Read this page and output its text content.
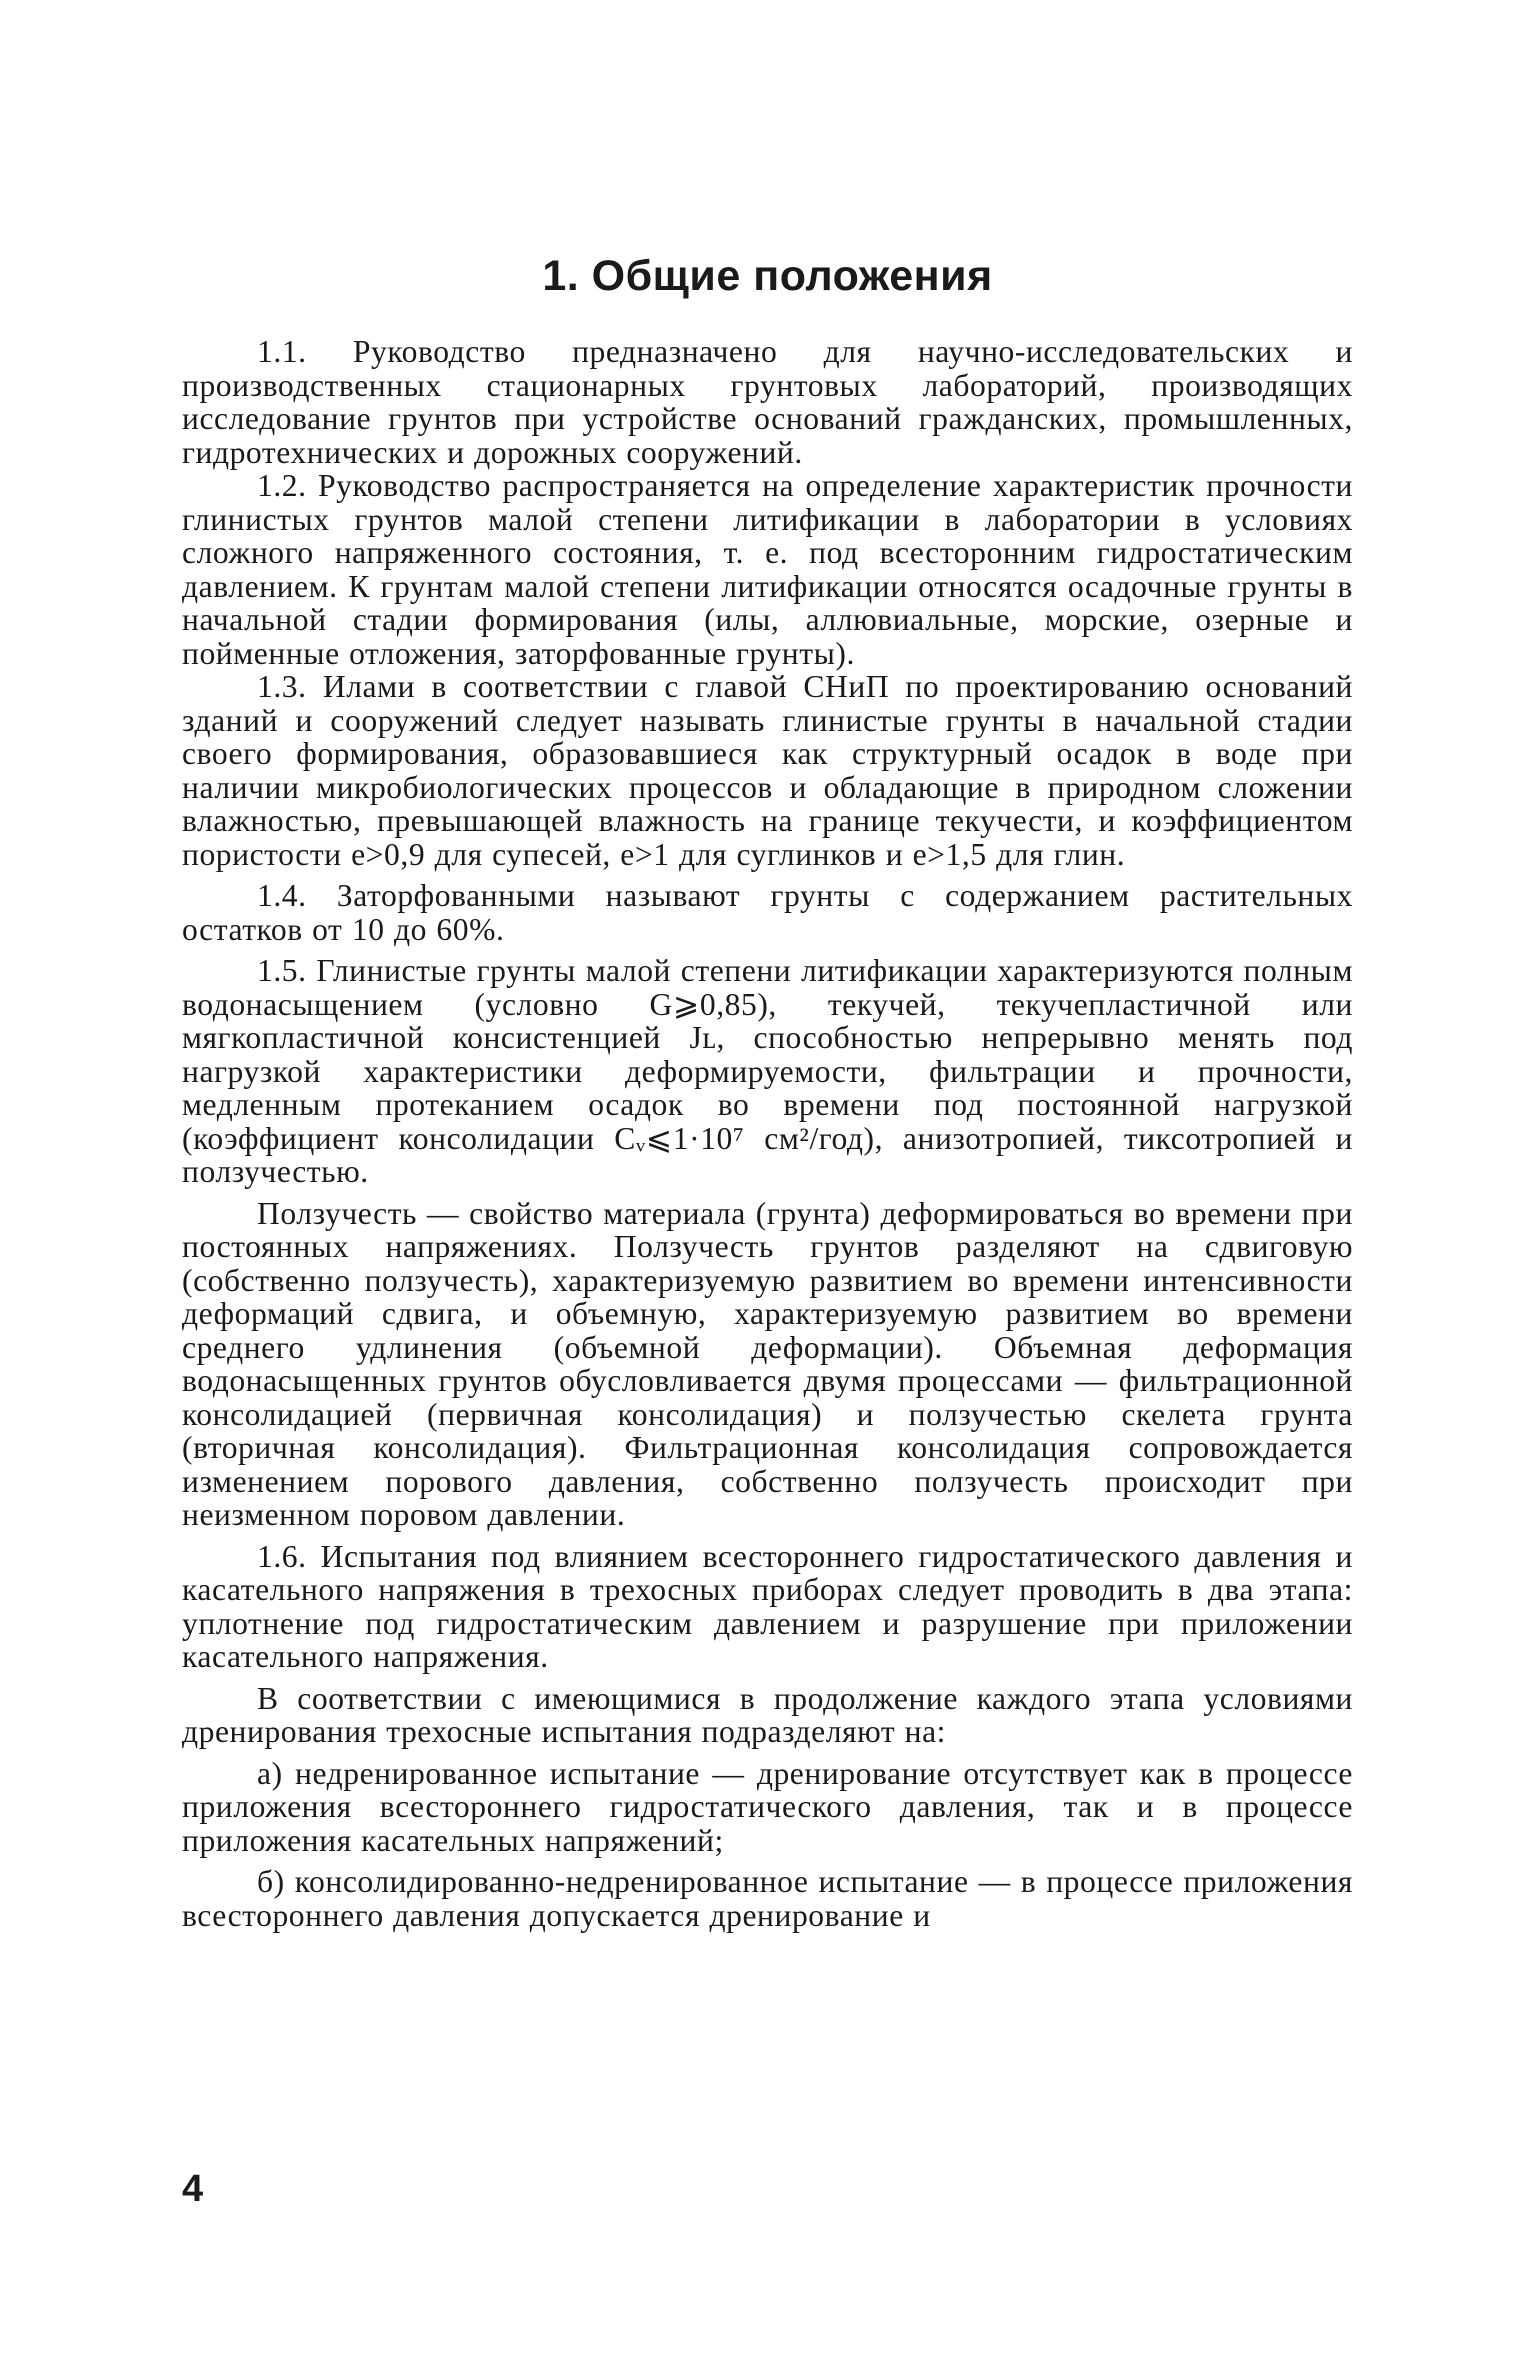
1. Общие положения

1.1. Руководство предназначено для научно-исследовательских и производственных стационарных грунтовых лабораторий, производящих исследование грунтов при устройстве оснований гражданских, промышленных, гидротехнических и дорожных сооружений.

1.2. Руководство распространяется на определение характеристик прочности глинистых грунтов малой степени литификации в лаборатории в условиях сложного напряженного состояния, т. е. под всесторонним гидростатическим давлением. К грунтам малой степени литификации относятся осадочные грунты в начальной стадии формирования (илы, аллювиальные, морские, озерные и пойменные отложения, заторфованные грунты).

1.3. Илами в соответствии с главой СНиП по проектированию оснований зданий и сооружений следует называть глинистые грунты в начальной стадии своего формирования, образовавшиеся как структурный осадок в воде при наличии микробиологических процессов и обладающие в природном сложении влажностью, превышающей влажность на границе текучести, и коэффициентом пористости e>0,9 для супесей, e>1 для суглинков и e>1,5 для глин.

1.4. Заторфованными называют грунты с содержанием растительных остатков от 10 до 60%.

1.5. Глинистые грунты малой степени литификации характеризуются полным водонасыщением (условно G⩾0,85), текучей, текучепластичной или мягкопластичной консистенцией Jʟ, способностью непрерывно менять под нагрузкой характеристики деформируемости, фильтрации и прочности, медленным протеканием осадок во времени под постоянной нагрузкой (коэффициент консолидации Cᵥ⩽1·10⁷ см²/год), анизотропией, тиксотропией и ползучестью.

Ползучесть — свойство материала (грунта) деформироваться во времени при постоянных напряжениях. Ползучесть грунтов разделяют на сдвиговую (собственно ползучесть), характеризуемую развитием во времени интенсивности деформаций сдвига, и объемную, характеризуемую развитием во времени среднего удлинения (объемной деформации). Объемная деформация водонасыщенных грунтов обусловливается двумя процессами — фильтрационной консолидацией (первичная консолидация) и ползучестью скелета грунта (вторичная консолидация). Фильтрационная консолидация сопровождается изменением порового давления, собственно ползучесть происходит при неизменном поровом давлении.

1.6. Испытания под влиянием всестороннего гидростатического давления и касательного напряжения в трехосных приборах следует проводить в два этапа: уплотнение под гидростатическим давлением и разрушение при приложении касательного напряжения.

В соответствии с имеющимися в продолжение каждого этапа условиями дренирования трехосные испытания подразделяют на:

а) недренированное испытание — дренирование отсутствует как в процессе приложения всестороннего гидростатического давления, так и в процессе приложения касательных напряжений;

б) консолидированно-недренированное испытание — в процессе приложения всестороннего давления допускается дренирование и

4
